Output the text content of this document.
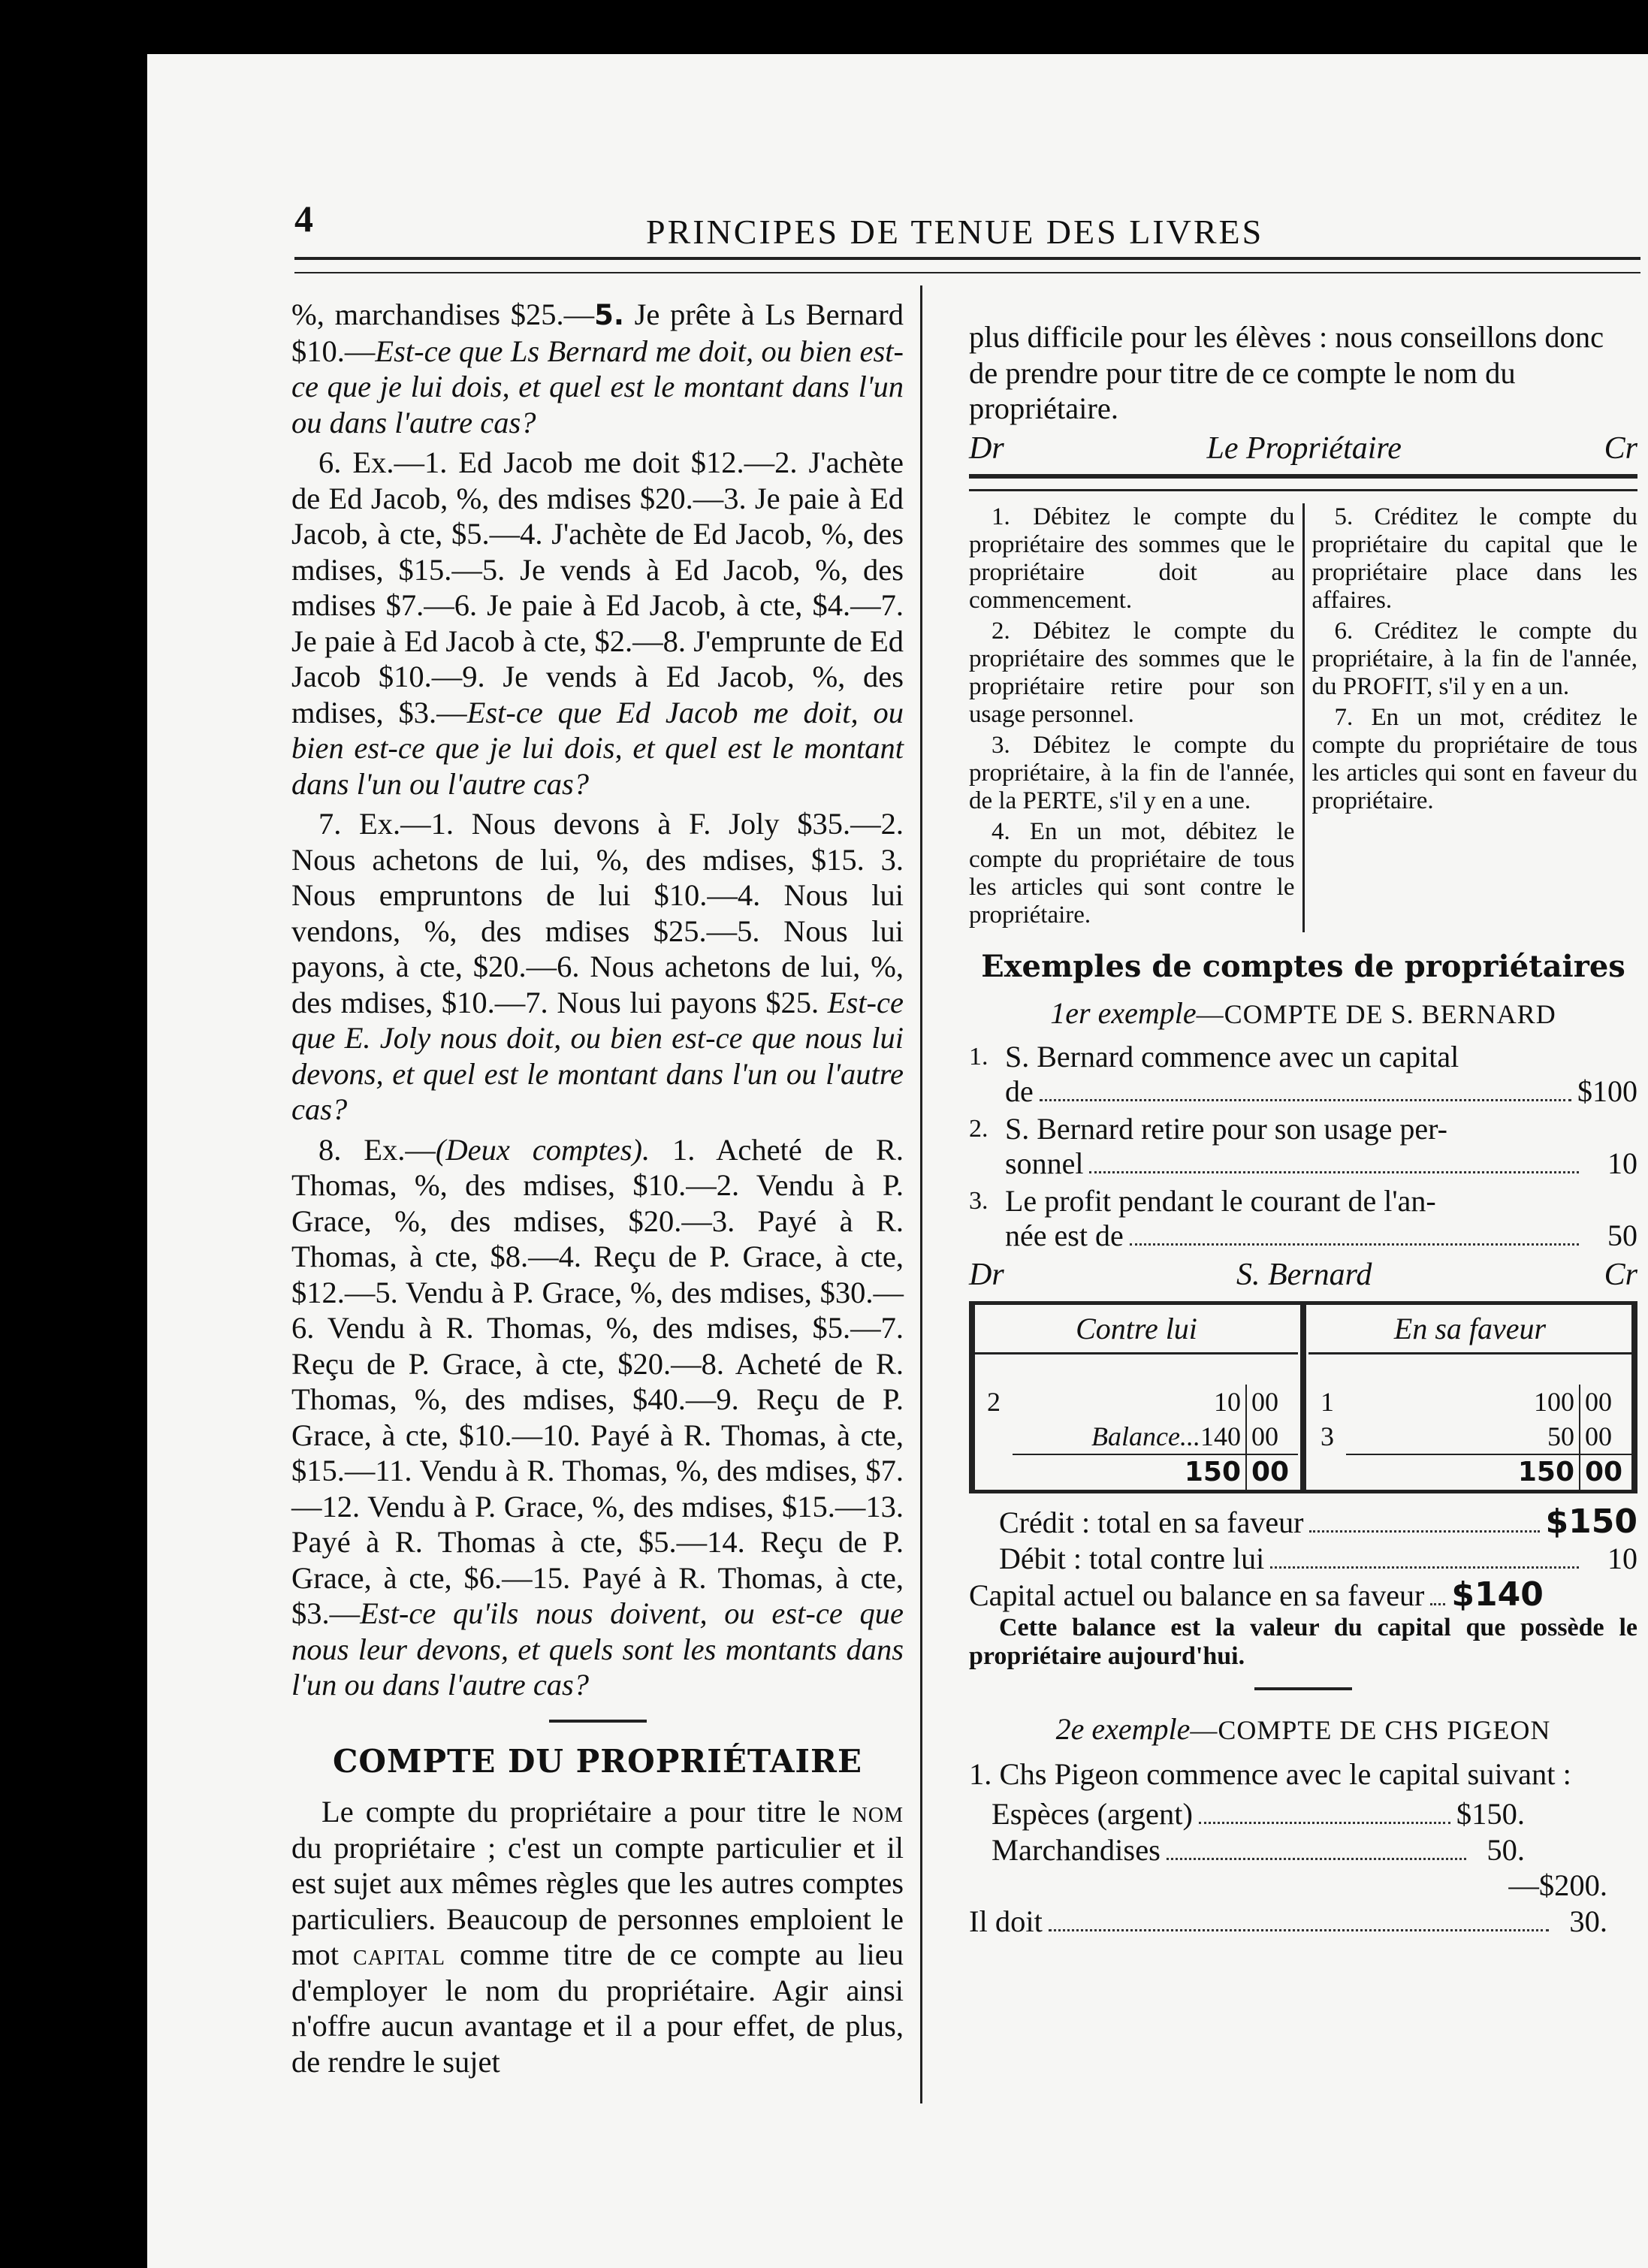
4	PRINCIPES DE TENUE DES LIVRES

%, marchandises $25.—5. Je prête à Ls Bernard $10.—Est-ce que Ls Bernard me doit, ou bien est-ce que je lui dois, et quel est le montant dans l'un ou dans l'autre cas?

6. Ex.—1. Ed Jacob me doit $12.—2. J'achète de Ed Jacob, %, des mdises $20.—3. Je paie à Ed Jacob, à cte, $5.—4. J'achète de Ed Jacob, %, des mdises, $15.—5. Je vends à Ed Jacob, %, des mdises $7.—6. Je paie à Ed Jacob, à cte, $4.—7. Je paie à Ed Jacob à cte, $2.—8. J'emprunte de Ed Jacob $10.—9. Je vends à Ed Jacob, %, des mdises, $3.—Est-ce que Ed Jacob me doit, ou bien est-ce que je lui dois, et quel est le montant dans l'un ou l'autre cas?

7. Ex.—1. Nous devons à F. Joly $35.—2. Nous achetons de lui, %, des mdises, $15. 3. Nous empruntons de lui $10.—4. Nous lui vendons, %, des mdises $25.—5. Nous lui payons, à cte, $20.—6. Nous achetons de lui, %, des mdises, $10.—7. Nous lui payons $25. Est-ce que E. Joly nous doit, ou bien est-ce que nous lui devons, et quel est le montant dans l'un ou l'autre cas?

8. Ex.—(Deux comptes). 1. Acheté de R. Thomas, %, des mdises, $10.—2. Vendu à P. Grace, %, des mdises, $20.—3. Payé à R. Thomas, à cte, $8.—4. Reçu de P. Grace, à cte, $12.—5. Vendu à P. Grace, %, des mdises, $30.—6. Vendu à R. Thomas, %, des mdises, $5.—7. Reçu de P. Grace, à cte, $20.—8. Acheté de R. Thomas, %, des mdises, $40.—9. Reçu de P. Grace, à cte, $10.—10. Payé à R. Thomas, à cte, $15.—11. Vendu à R. Thomas, %, des mdises, $7.—12. Vendu à P. Grace, %, des mdises, $15.—13. Payé à R. Thomas à cte, $5.—14. Reçu de P. Grace, à cte, $6.—15. Payé à R. Thomas, à cte, $3.—Est-ce qu'ils nous doivent, ou est-ce que nous leur devons, et quels sont les montants dans l'un ou dans l'autre cas?

COMPTE DU PROPRIÉTAIRE

Le compte du propriétaire a pour titre le nom du propriétaire ; c'est un compte particulier et il est sujet aux mêmes règles que les autres comptes particuliers. Beaucoup de personnes emploient le mot capital comme titre de ce compte au lieu d'employer le nom du propriétaire. Agir ainsi n'offre aucun avantage et il a pour effet, de plus, de rendre le sujet

plus difficile pour les élèves : nous conseillons donc de prendre pour titre de ce compte le nom du propriétaire.

Dr	Le Propriétaire	Cr

1. Débitez le compte du propriétaire des sommes que le propriétaire doit au commencement.

2. Débitez le compte du propriétaire des sommes que le propriétaire retire pour son usage personnel.

3. Débitez le compte du propriétaire, à la fin de l'année, de la PERTE, s'il y en a une.

4. En un mot, débitez le compte du propriétaire de tous les articles qui sont contre le propriétaire.

5. Créditez le compte du propriétaire du capital que le propriétaire place dans les affaires.

6. Créditez le compte du propriétaire, à la fin de l'année, du PROFIT, s'il y en a un.

7. En un mot, créditez le compte du propriétaire de tous les articles qui sont en faveur du propriétaire.

Exemples de comptes de propriétaires
1er exemple—COMPTE DE S. BERNARD
1. S. Bernard commence avec un capital
de	$100
2. S. Bernard retire pour son usage per-
sonnel	10
3. Le profit pendant le courant de l'an-
née est de	50
Dr	S. Bernard	Cr
Contre lui
2	10 00
Balance...140 00
150 00
En sa faveur
1	100 00
3	50 00
150 00
Crédit : total en sa faveur	$150
Débit : total contre lui	10
Capital actuel ou balance en sa faveur $140

Cette balance est la valeur du capital que possède le propriétaire aujourd'hui.

2e exemple—COMPTE DE CHS PIGEON

1. Chs Pigeon commence avec le capital suivant :

Espèces (argent)	$150.
Marchandises	50.
—$200.
Il doit	30.
